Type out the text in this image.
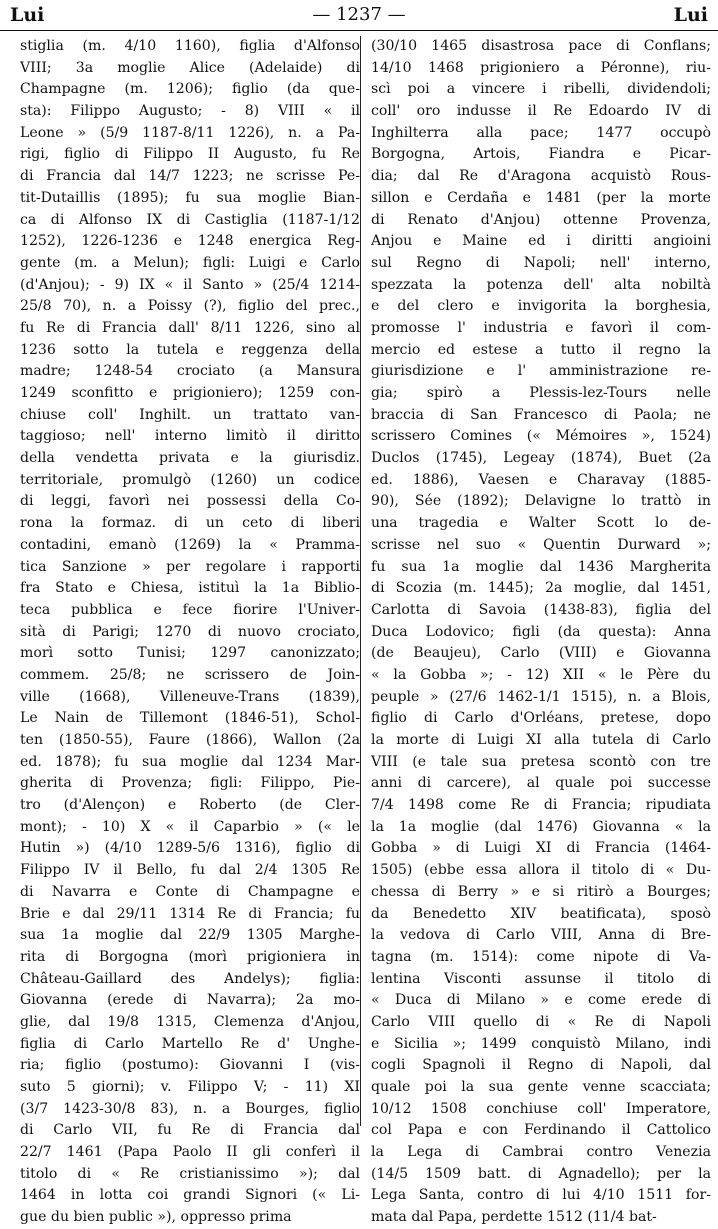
— 1237 —
Lui	Lui
stiglia (m. 4/10 1160), figlia d'Alfonso
VIII; 3a moglie Alice (Adelaide) di
Champagne (m. 1206); figlio (da que-
sta): Filippo Augusto; - 8) VIII « il
Leone » (5/9 1187-8/11 1226), n. a Pa-
rigi, figlio di Filippo II Augusto, fu Re
di Francia dal 14/7 1223; ne scrisse Pe-
tit-Dutaillis (1895); fu sua moglie Bian-
ca di Alfonso IX di Castiglia (1187-1/12
1252), 1226-1236 e 1248 energica Reg-
gente (m. a Melun); figli: Luigi e Carlo
(d'Anjou); - 9) IX « il Santo » (25/4 1214-
25/8 70), n. a Poissy (?), figlio del prec.,
fu Re di Francia dall' 8/11 1226, sino al
1236 sotto la tutela e reggenza della
madre; 1248-54 crociato (a Mansura
1249 sconfitto e prigioniero); 1259 con-
chiuse coll' Inghilt. un trattato van-
taggioso; nell' interno limitò il diritto
della vendetta privata e la giurisdiz.
territoriale, promulgò (1260) un codice
di leggi, favorì nei possessi della Co-
rona la formaz. di un ceto di liberi
contadini, emanò (1269) la « Pramma-
tica Sanzione » per regolare i rapporti
fra Stato e Chiesa, istituì la 1a Biblio-
teca pubblica e fece fiorire l'Univer-
sità di Parigi; 1270 di nuovo crociato,
morì sotto Tunisi; 1297 canonizzato;
commem. 25/8; ne scrissero de Join-
ville (1668), Villeneuve-Trans (1839),
Le Nain de Tillemont (1846-51), Schol-
ten (1850-55), Faure (1866), Wallon (2a
ed. 1878); fu sua moglie dal 1234 Mar-
gherita di Provenza; figli: Filippo, Pie-
tro (d'Alençon) e Roberto (de Cler-
mont); - 10) X « il Caparbio » (« le
Hutin ») (4/10 1289-5/6 1316), figlio di
Filippo IV il Bello, fu dal 2/4 1305 Re
di Navarra e Conte di Champagne e
Brie e dal 29/11 1314 Re di Francia; fu
sua 1a moglie dal 22/9 1305 Marghe-
rita di Borgogna (morì prigioniera in
Château-Gaillard des Andelys); figlia:
Giovanna (erede di Navarra); 2a mo-
glie, dal 19/8 1315, Clemenza d'Anjou,
figlia di Carlo Martello Re d' Unghe-
ria; figlio (postumo): Giovanni I (vis-
suto 5 giorni); v. Filippo V; - 11) XI
(3/7 1423-30/8 83), n. a Bourges, figlio
di Carlo VII, fu Re di Francia dal
22/7 1461 (Papa Paolo II gli conferì il
titolo di « Re cristianissimo »); dal
1464 in lotta coi grandi Signori (« Li-
gue du bien public »), oppresso prima
(30/10 1465 disastrosa pace di Conflans;
14/10 1468 prigioniero a Péronne), riu-
scì poi a vincere i ribelli, dividendoli;
coll' oro indusse il Re Edoardo IV di
Inghilterra alla pace; 1477 occupò
Borgogna, Artois, Fiandra e Picar-
dia; dal Re d'Aragona acquistò Rous-
sillon e Cerdaña e 1481 (per la morte
di Renato d'Anjou) ottenne Provenza,
Anjou e Maine ed i diritti angioini
sul Regno di Napoli; nell' interno,
spezzata la potenza dell' alta nobiltà
e del clero e invigorita la borghesia,
promosse l' industria e favorì il com-
mercio ed estese a tutto il regno la
giurisdizione e l' amministrazione re-
gia; spirò a Plessis-lez-Tours nelle
braccia di San Francesco di Paola; ne
scrissero Comines (« Mémoires », 1524)
Duclos (1745), Legeay (1874), Buet (2a
ed. 1886), Vaesen e Charavay (1885-
90), Sée (1892); Delavigne lo trattò in
una tragedia e Walter Scott lo de-
scrisse nel suo « Quentin Durward »;
fu sua 1a moglie dal 1436 Margherita
di Scozia (m. 1445); 2a moglie, dal 1451,
Carlotta di Savoia (1438-83), figlia del
Duca Lodovico; figli (da questa): Anna
(de Beaujeu), Carlo (VIII) e Giovanna
« la Gobba »; - 12) XII « le Père du
peuple » (27/6 1462-1/1 1515), n. a Blois,
figlio di Carlo d'Orléans, pretese, dopo
la morte di Luigi XI alla tutela di Carlo
VIII (e tale sua pretesa scontò con tre
anni di carcere), al quale poi successe
7/4 1498 come Re di Francia; ripudiata
la 1a moglie (dal 1476) Giovanna « la
Gobba » di Luigi XI di Francia (1464-
1505) (ebbe essa allora il titolo di « Du-
chessa di Berry » e si ritirò a Bourges;
da Benedetto XIV beatificata), sposò
la vedova di Carlo VIII, Anna di Bre-
tagna (m. 1514): come nipote di Va-
lentina Visconti assunse il titolo di
« Duca di Milano » e come erede di
Carlo VIII quello di « Re di Napoli
e Sicilia »; 1499 conquistò Milano, indi
cogli Spagnoli il Regno di Napoli, dal
quale poi la sua gente venne scacciata;
10/12 1508 conchiuse coll' Imperatore,
col Papa e con Ferdinando il Cattolico
la Lega di Cambrai contro Venezia
(14/5 1509 batt. di Agnadello); per la
Lega Santa, contro di lui 4/10 1511 for-
mata dal Papa, perdette 1512 (11/4 bat-
